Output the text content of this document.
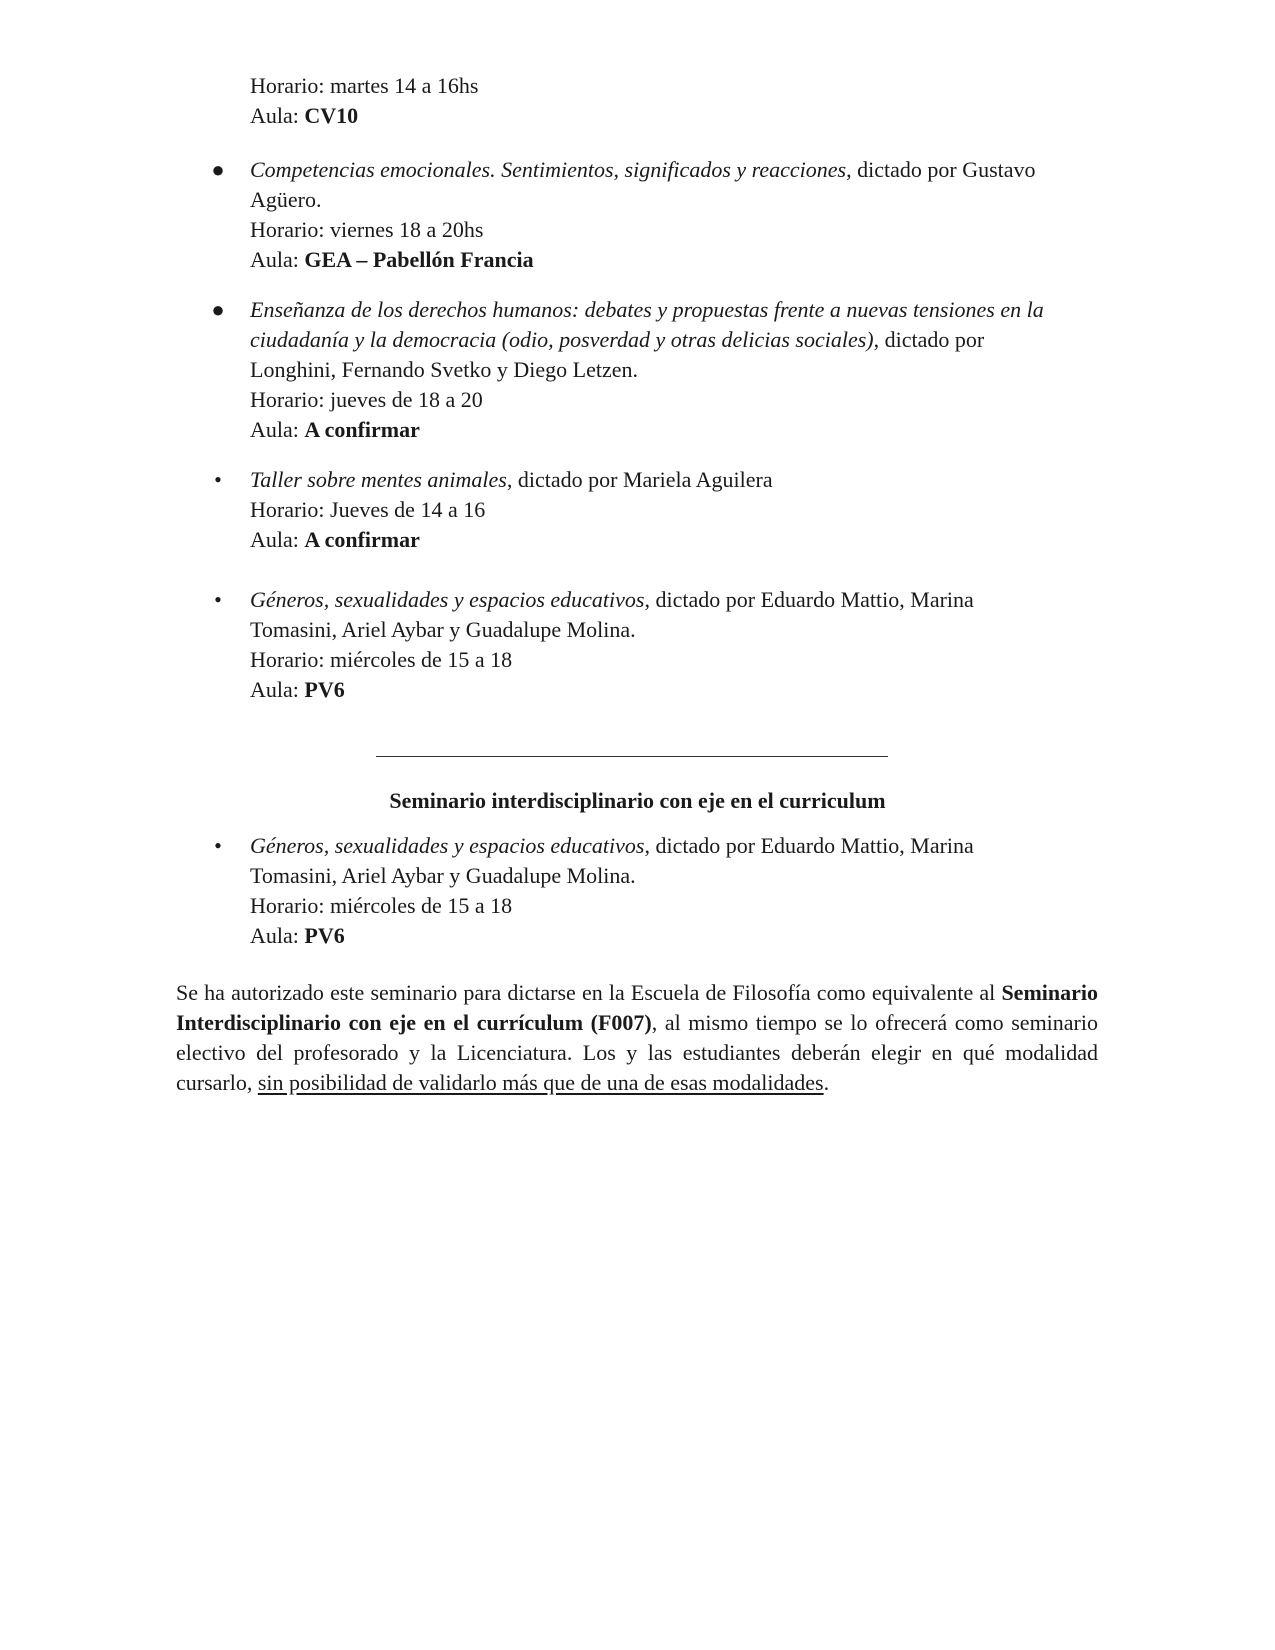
Horario: martes 14 a 16hs
Aula: CV10
● Competencias emocionales. Sentimientos, significados y reacciones, dictado por Gustavo
Agüero.
Horario: viernes 18 a 20hs
Aula: GEA – Pabellón Francia
● Enseñanza de los derechos humanos: debates y propuestas frente a nuevas tensiones en la
ciudadanía y la democracia (odio, posverdad y otras delicias sociales), dictado por
Longhini, Fernando Svetko y Diego Letzen.
Horario: jueves de 18 a 20
Aula: A confirmar
• Taller sobre mentes animales, dictado por Mariela Aguilera
Horario: Jueves de 14 a 16
Aula: A confirmar
• Géneros, sexualidades y espacios educativos, dictado por Eduardo Mattio, Marina
Tomasini, Ariel Aybar y Guadalupe Molina.
Horario: miércoles de 15 a 18
Aula: PV6
Seminario interdisciplinario con eje en el curriculum
• Géneros, sexualidades y espacios educativos, dictado por Eduardo Mattio, Marina
Tomasini, Ariel Aybar y Guadalupe Molina.
Horario: miércoles de 15 a 18
Aula: PV6

Se ha autorizado este seminario para dictarse en la Escuela de Filosofía como equivalente al Seminario Interdisciplinario con eje en el currículum (F007), al mismo tiempo se lo ofrecerá como seminario electivo del profesorado y la Licenciatura. Los y las estudiantes deberán elegir en qué modalidad cursarlo, sin posibilidad de validarlo más que de una de esas modalidades.
